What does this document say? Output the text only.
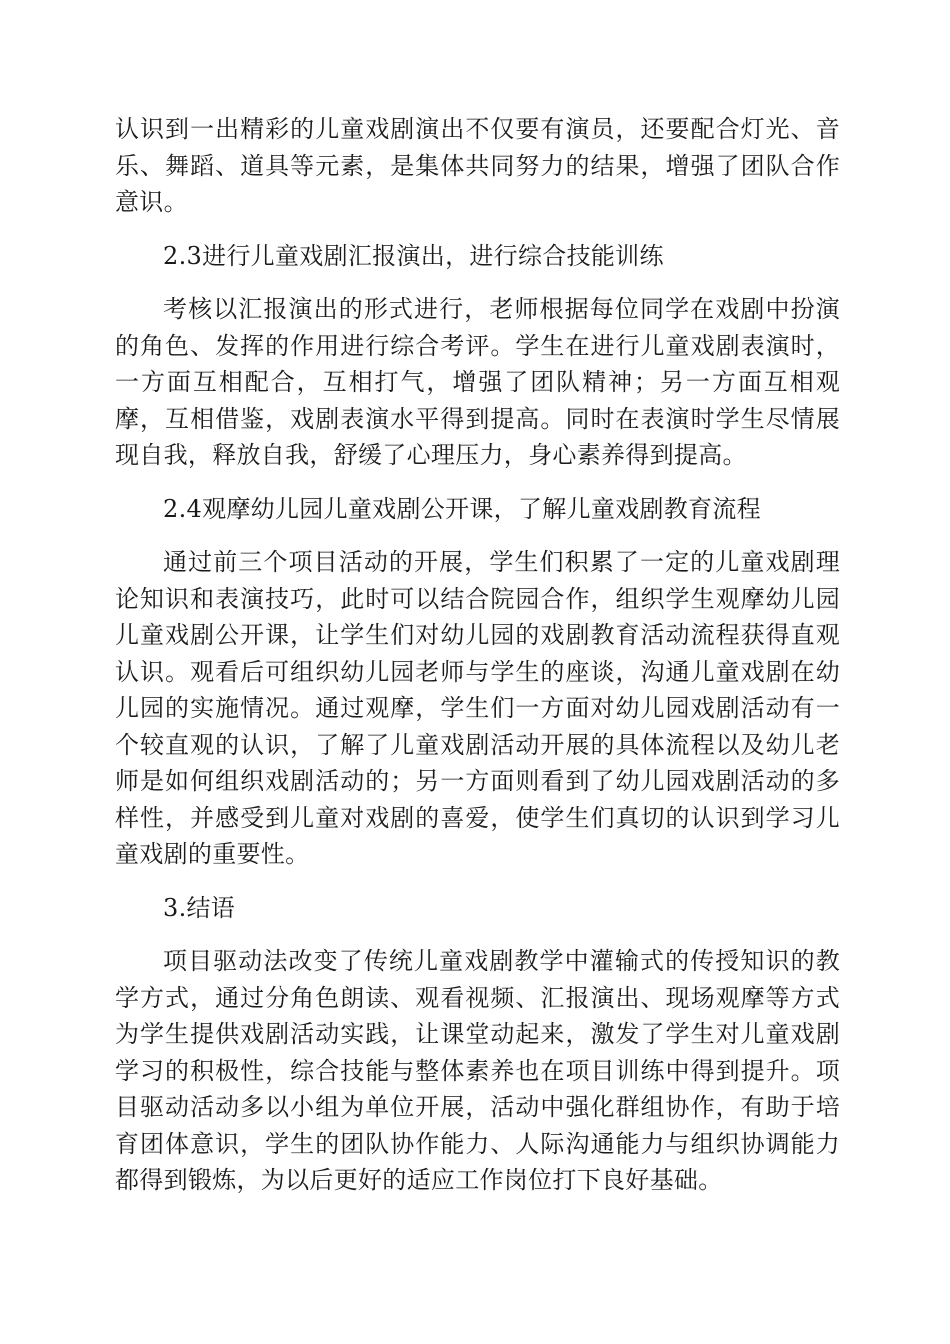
认识到一出精彩的儿童戏剧演出不仅要有演员，还要配合灯光、音乐、舞蹈、道具等元素，是集体共同努力的结果，增强了团队合作意识。

2.3进行儿童戏剧汇报演出，进行综合技能训练

考核以汇报演出的形式进行，老师根据每位同学在戏剧中扮演的角色、发挥的作用进行综合考评。学生在进行儿童戏剧表演时，一方面互相配合，互相打气，增强了团队精神；另一方面互相观摩，互相借鉴，戏剧表演水平得到提高。同时在表演时学生尽情展现自我，释放自我，舒缓了心理压力，身心素养得到提高。

2.4观摩幼儿园儿童戏剧公开课，了解儿童戏剧教育流程

通过前三个项目活动的开展，学生们积累了一定的儿童戏剧理论知识和表演技巧，此时可以结合院园合作，组织学生观摩幼儿园儿童戏剧公开课，让学生们对幼儿园的戏剧教育活动流程获得直观认识。观看后可组织幼儿园老师与学生的座谈，沟通儿童戏剧在幼儿园的实施情况。通过观摩，学生们一方面对幼儿园戏剧活动有一个较直观的认识，了解了儿童戏剧活动开展的具体流程以及幼儿老师是如何组织戏剧活动的；另一方面则看到了幼儿园戏剧活动的多样性，并感受到儿童对戏剧的喜爱，使学生们真切的认识到学习儿童戏剧的重要性。

3.结语

项目驱动法改变了传统儿童戏剧教学中灌输式的传授知识的教学方式，通过分角色朗读、观看视频、汇报演出、现场观摩等方式为学生提供戏剧活动实践，让课堂动起来，激发了学生对儿童戏剧学习的积极性，综合技能与整体素养也在项目训练中得到提升。项目驱动活动多以小组为单位开展，活动中强化群组协作，有助于培育团体意识，学生的团队协作能力、人际沟通能力与组织协调能力都得到锻炼，为以后更好的适应工作岗位打下良好基础。
